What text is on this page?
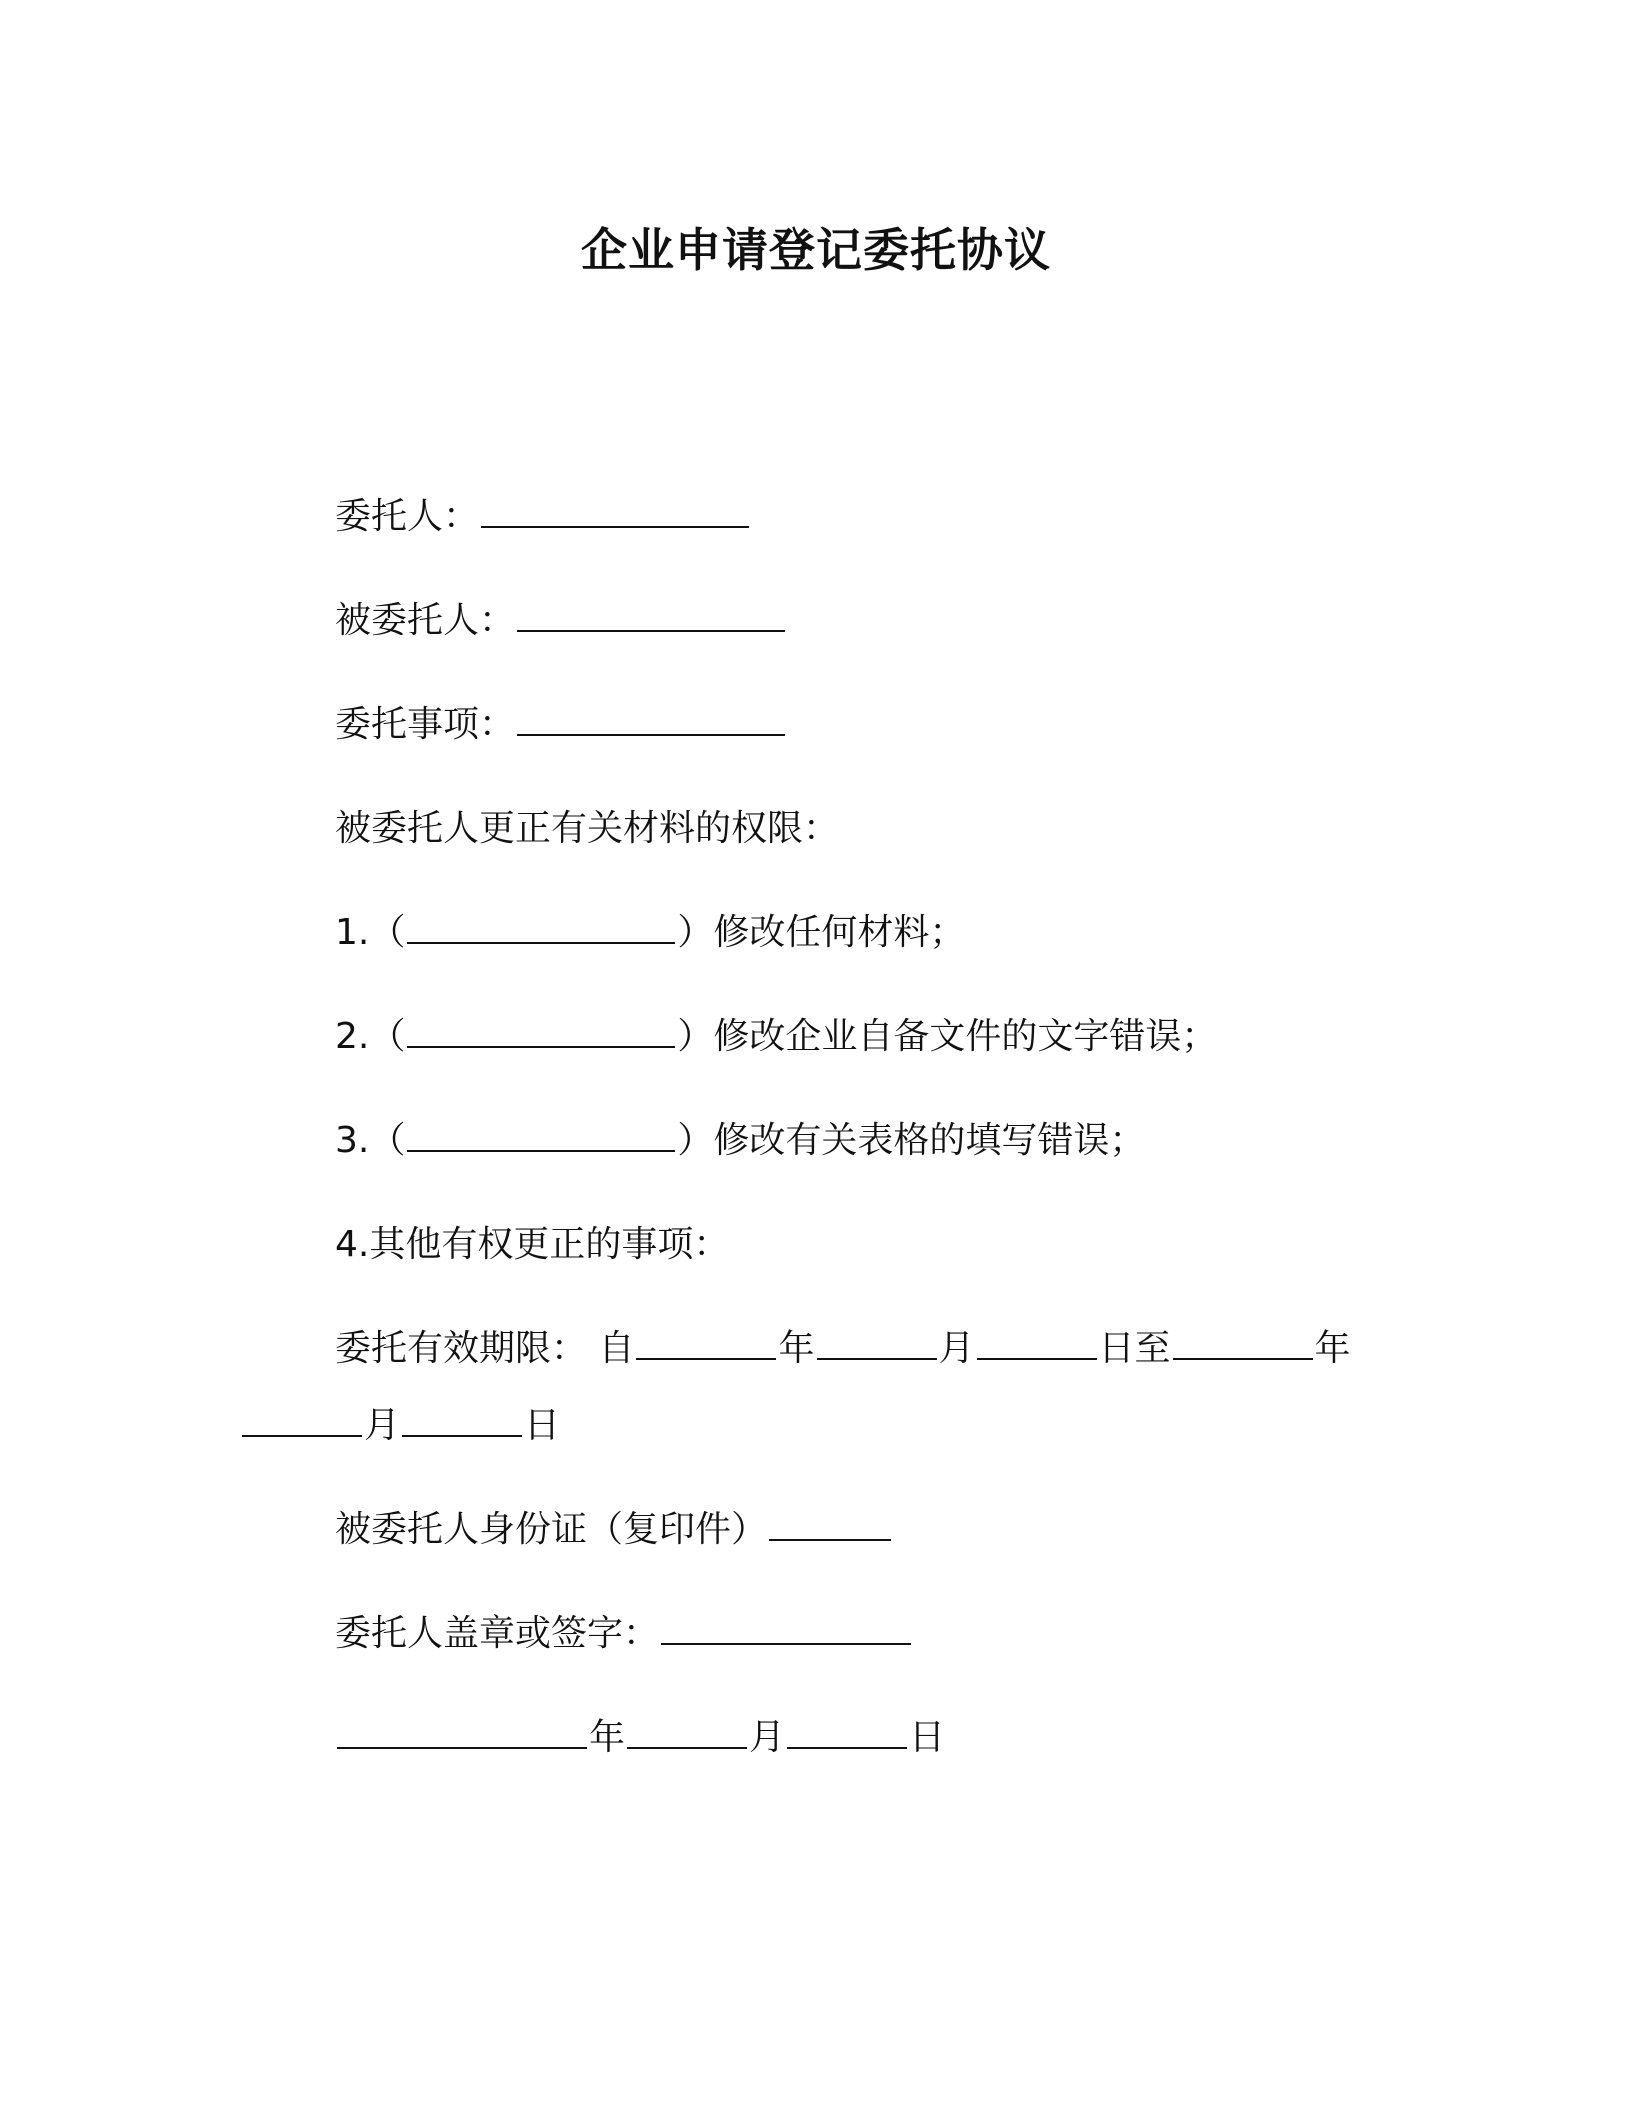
企业申请登记委托协议
委托人：
被委托人：
委托事项：
被委托人更正有关材料的权限：
1.（	）修改任何材料；
2.（	）修改企业自备文件的文字错误；
3.（	）修改有关表格的填写错误；
4.其他有权更正的事项：
委托有效期限： 自	年	月	日至	年
月	日
被委托人身份证（复印件）
委托人盖章或签字：
年	月	日
